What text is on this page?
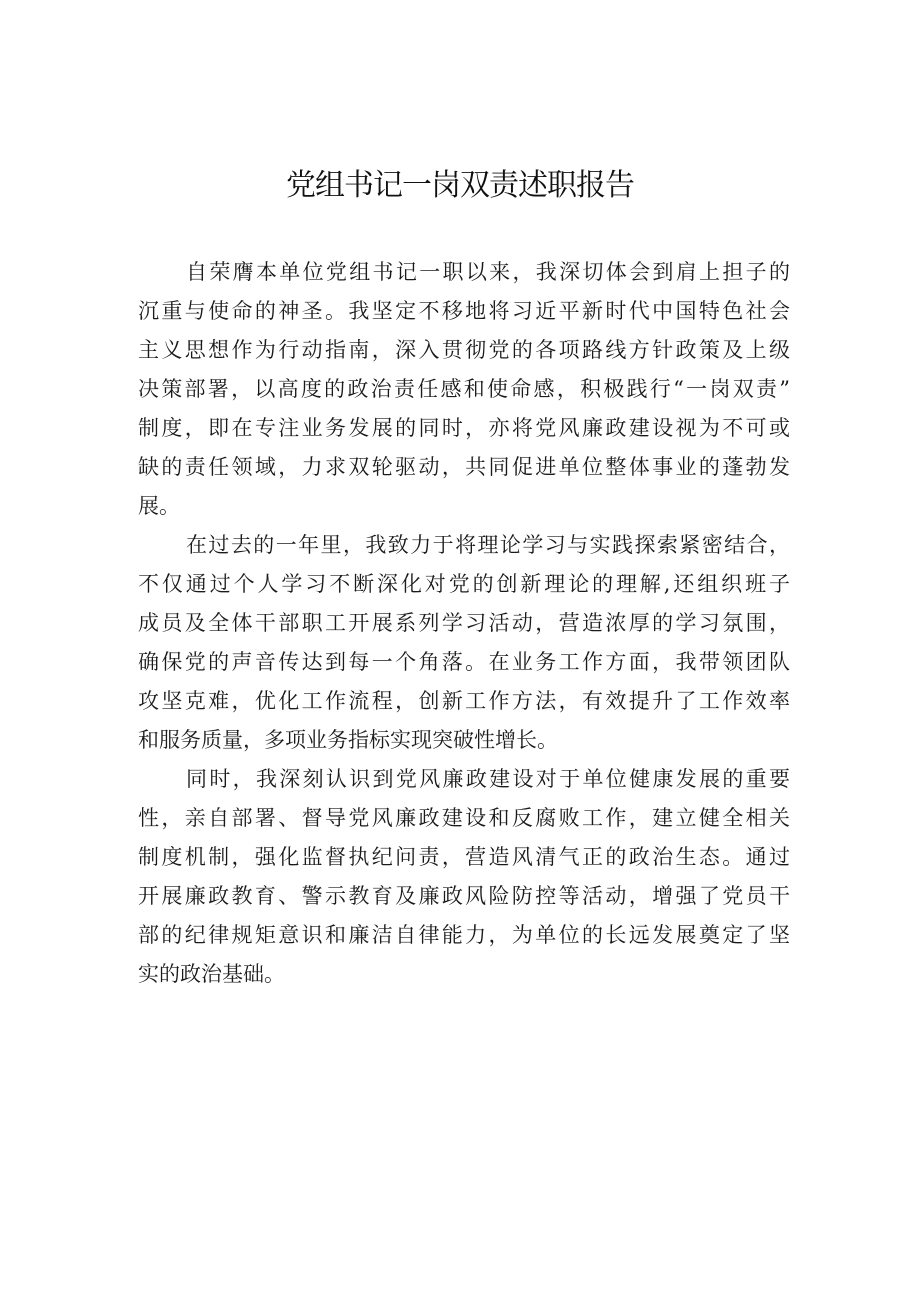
党组书记一岗双责述职报告
自荣膺本单位党组书记一职以来，我深切体会到肩上担子的
沉重与使命的神圣。我坚定不移地将习近平新时代中国特色社会
主义思想作为行动指南，深入贯彻党的各项路线方针政策及上级
决策部署，以高度的政治责任感和使命感，积极践行“一岗双责”
制度，即在专注业务发展的同时，亦将党风廉政建设视为不可或
缺的责任领域，力求双轮驱动，共同促进单位整体事业的蓬勃发
展。
在过去的一年里，我致力于将理论学习与实践探索紧密结合，
不仅通过个人学习不断深化对党的创新理论的理解,还组织班子
成员及全体干部职工开展系列学习活动，营造浓厚的学习氛围，
确保党的声音传达到每一个角落。在业务工作方面，我带领团队
攻坚克难，优化工作流程，创新工作方法，有效提升了工作效率
和服务质量，多项业务指标实现突破性增长。
同时，我深刻认识到党风廉政建设对于单位健康发展的重要
性，亲自部署、督导党风廉政建设和反腐败工作，建立健全相关
制度机制，强化监督执纪问责，营造风清气正的政治生态。通过
开展廉政教育、警示教育及廉政风险防控等活动，增强了党员干
部的纪律规矩意识和廉洁自律能力，为单位的长远发展奠定了坚
实的政治基础。
